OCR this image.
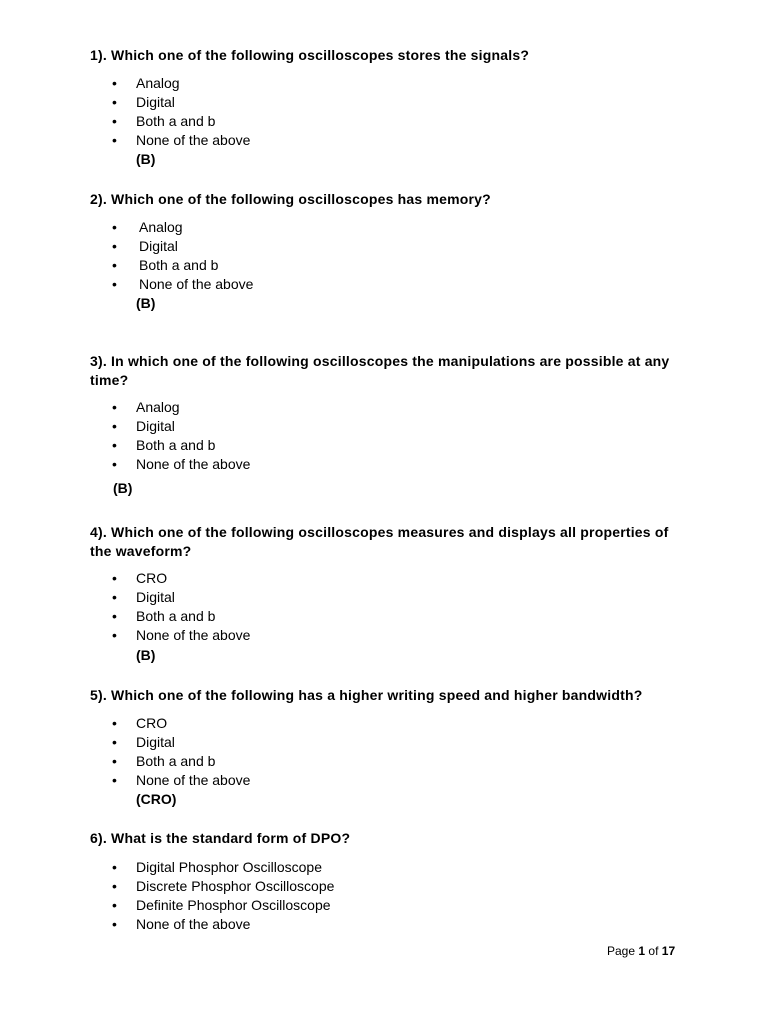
1). Which one of the following oscilloscopes stores the signals?

• Analog
• Digital
• Both a and b
• None of the above
(B)

2). Which one of the following oscilloscopes has memory?

• Analog
• Digital
• Both a and b
• None of the above
(B)

3). In which one of the following oscilloscopes the manipulations are possible at any time?

• Analog
• Digital
• Both a and b
• None of the above
(B)

4). Which one of the following oscilloscopes measures and displays all properties of the waveform?

• CRO
• Digital
• Both a and b
• None of the above
(B)

5). Which one of the following has a higher writing speed and higher bandwidth?

• CRO
• Digital
• Both a and b
• None of the above
(CRO)

6). What is the standard form of DPO?

• Digital Phosphor Oscilloscope
• Discrete Phosphor Oscilloscope
• Definite Phosphor Oscilloscope
• None of the above
Page 1 of 17
